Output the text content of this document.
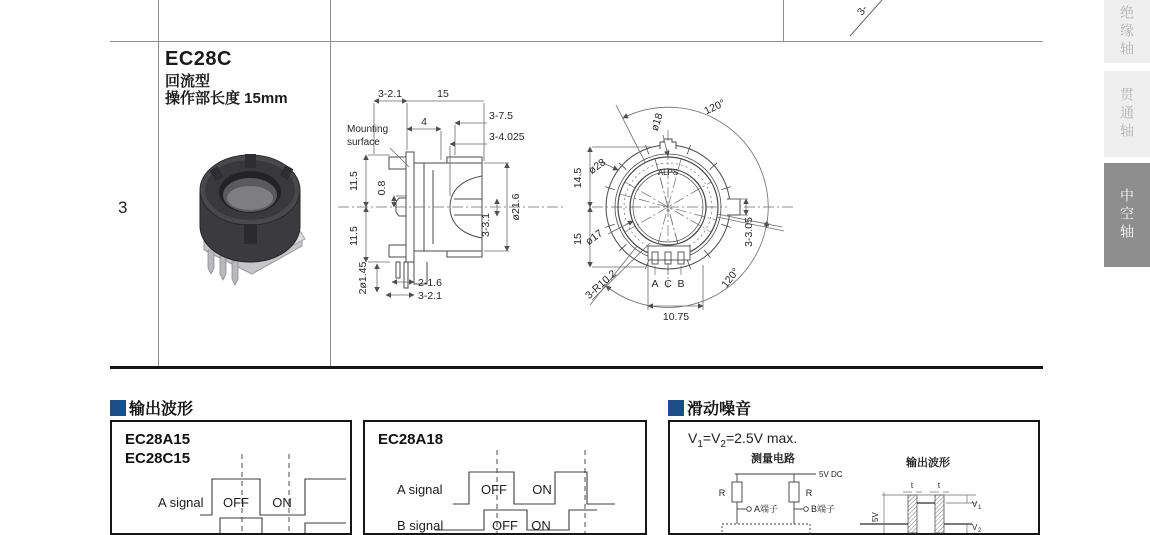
3-
3
EC28C
回流型
操作部长度 15mm	3-2.1	15
4	3-7.5
3-4.025
Mounting
surface
11.5 0.8
11.5
2ø1.45	2-1.6
3-2.1
3-3.1
ø21.6
ALPS
120°
ø18
ø28
14.5
15 ø17
3-R10.2	120°
3-3.05
10.75
A C B
输出波形	滑动噪音
EC28A15
EC28C15
A signal OFF ON
EC28A18
A signal	OFF ON
B signal	OFF ON
$V_1=V_2=2.5V$ max.
测量电路	输出波形
5V DC
R	R
A端子	B端子
t	t
5V
V 1
V 2
绝缘轴
贯通轴
中空轴
